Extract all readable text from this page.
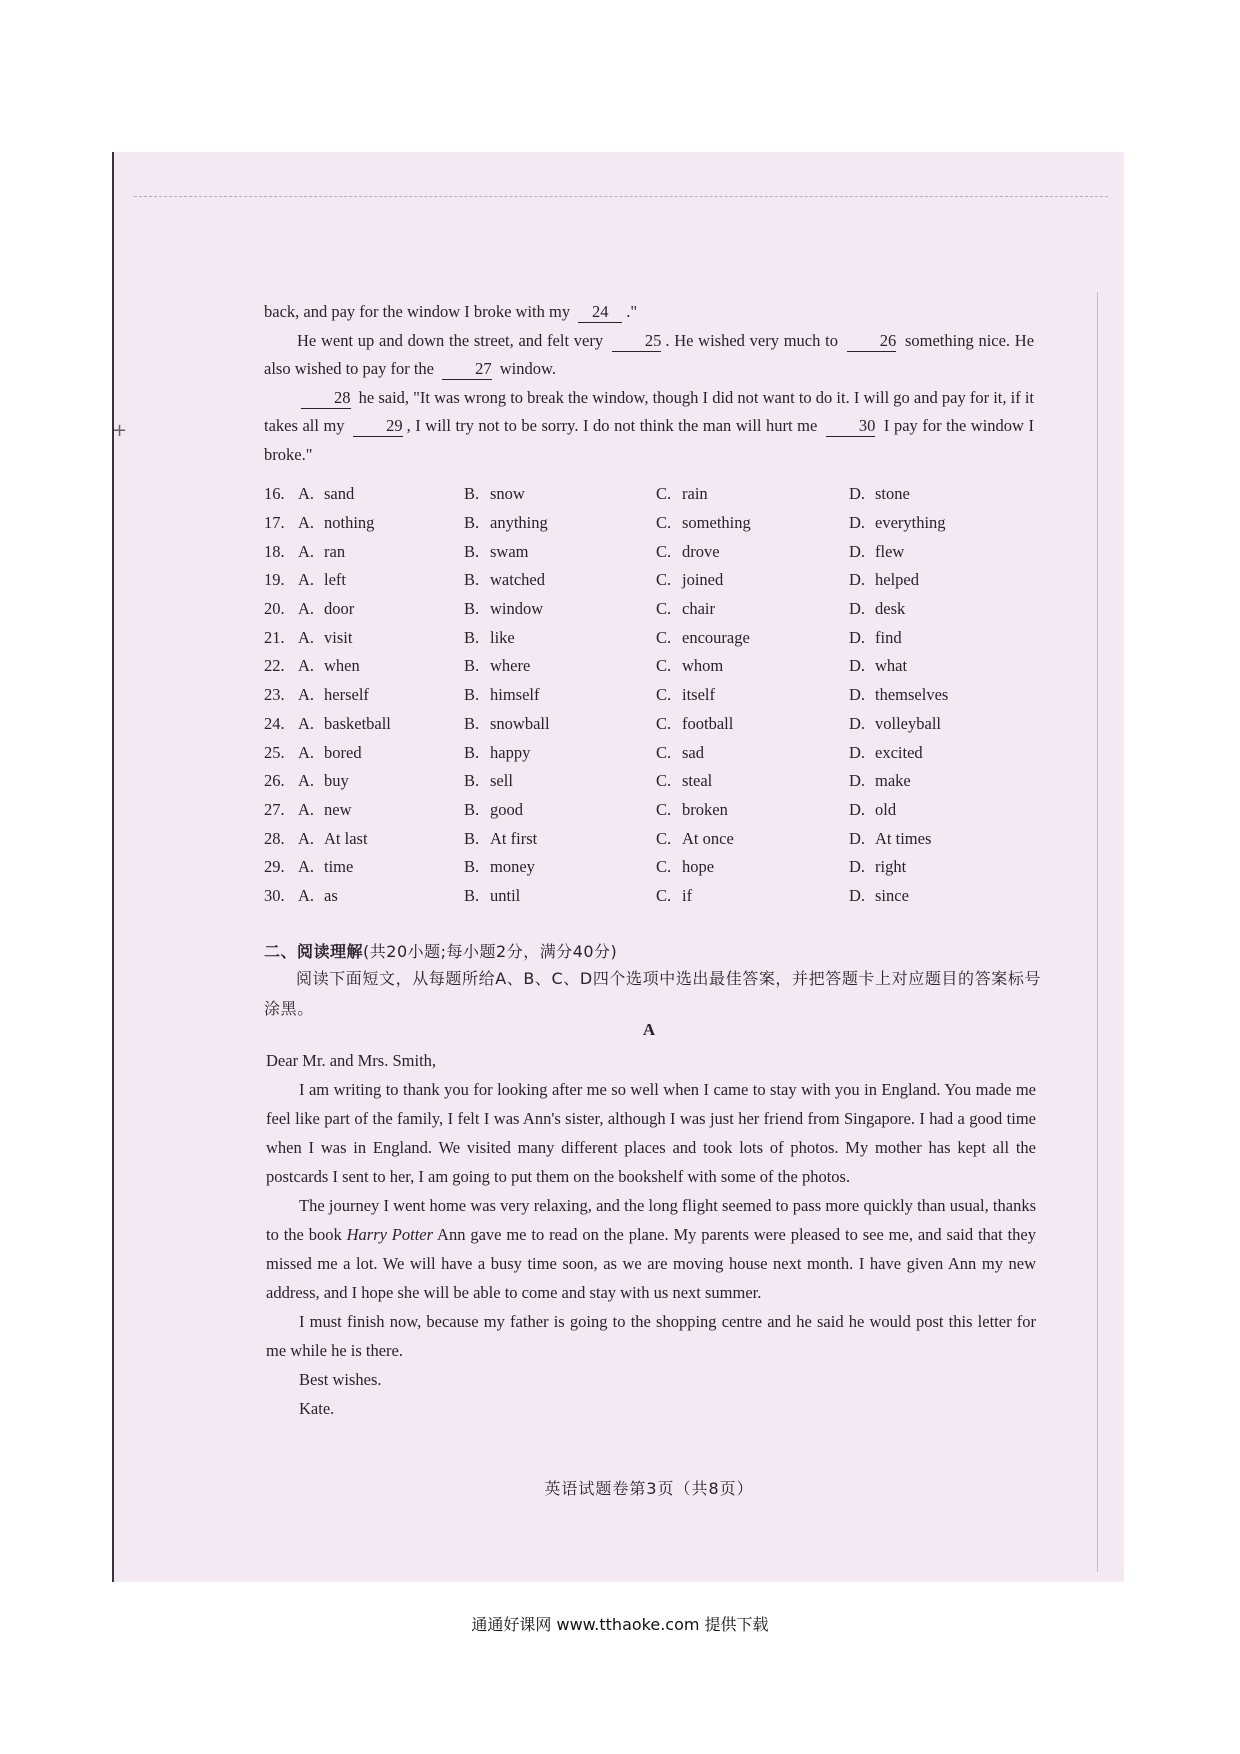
+

back, and pay for the window I broke with my 24 ."

He went up and down the street, and felt very	25 . He wished very much to	26 something nice. He also wished to pay for the 27 window.

28 he said, "It was wrong to break the window, though I did not want to do it. I will go and pay for it, if it takes all my	29 , I will try not to be sorry. I do not think the man will hurt me	30 I pay for the window I broke."

16. A. sand	B. snow	C. rain	D. stone
17. A. nothing	B. anything	C. something	D. everything
18. A. ran	B. swam	C. drove	D. flew
19. A. left	B. watched	C. joined	D. helped
20. A. door	B. window	C. chair	D. desk
21. A. visit	B. like	C. encourage	D. find
22. A. when	B. where	C. whom	D. what
23. A. herself	B. himself	C. itself	D. themselves
24. A. basketball	B. snowball	C. football	D. volleyball
25. A. bored	B. happy	C. sad	D. excited
26. A. buy	B. sell	C. steal	D. make
27. A. new	B. good	C. broken	D. old
28. A. At last	B. At first	C. At once	D. At times
29. A. time	B. money	C. hope	D. right
30. A. as	B. until	C. if	D. since
二、阅读理解(共20小题;每小题2分，满分40分)
阅读下面短文，从每题所给A、B、C、D四个选项中选出最佳答案，并把答题卡上对应题目的答案标号涂黑。
A

Dear Mr. and Mrs. Smith,

I am writing to thank you for looking after me so well when I came to stay with you in England. You made me feel like part of the family, I felt I was Ann's sister, although I was just her friend from Singapore. I had a good time when I was in England. We visited many different places and took lots of photos. My mother has kept all the postcards I sent to her, I am going to put them on the bookshelf with some of the photos.

The journey I went home was very relaxing, and the long flight seemed to pass more quickly than usual, thanks to the book Harry Potter Ann gave me to read on the plane. My parents were pleased to see me, and said that they missed me a lot. We will have a busy time soon, as we are moving house next month. I have given Ann my new address, and I hope she will be able to come and stay with us next summer.

I must finish now, because my father is going to the shopping centre and he said he would post this letter for me while he is there.

Best wishes.

Kate.

英语试题卷第3页（共8页）
通通好课网 www.tthaoke.com 提供下载
